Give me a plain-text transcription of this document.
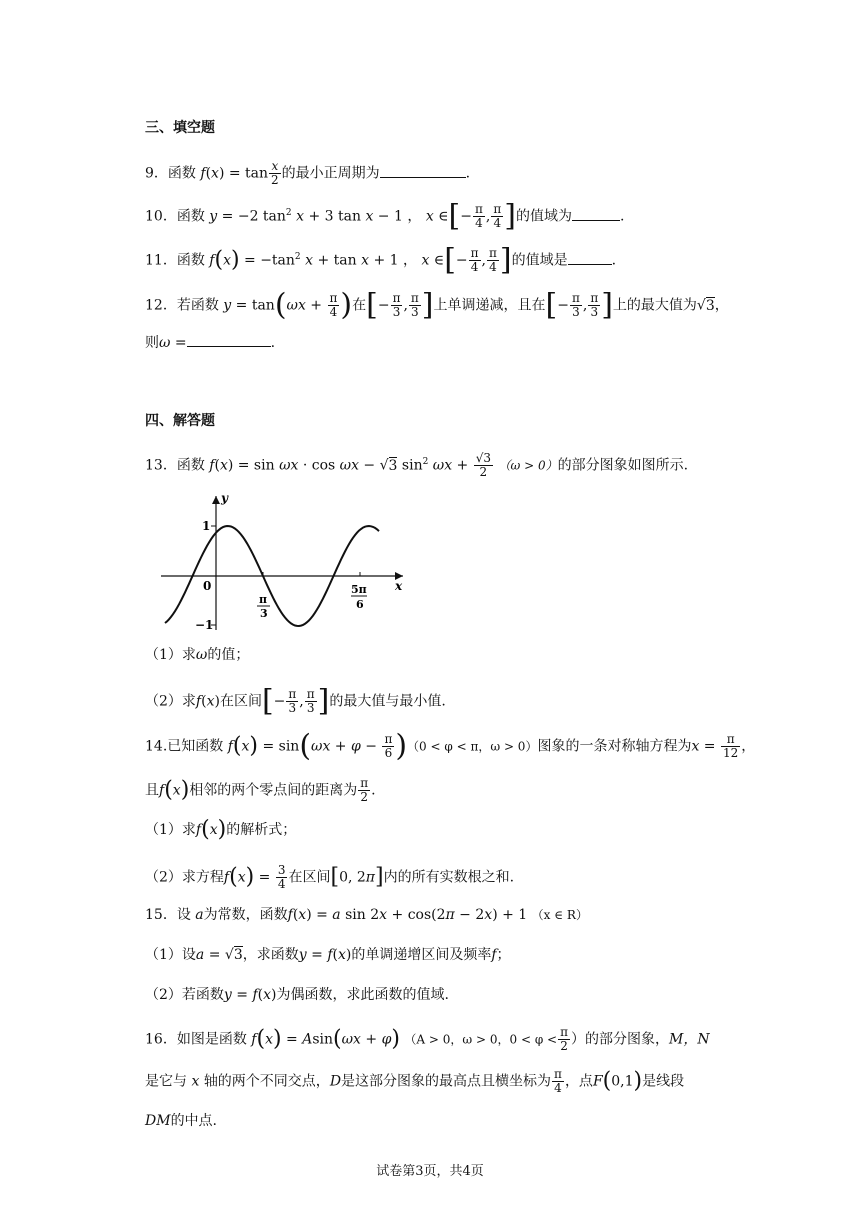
三、填空题
9．函数 $f(x) = \tan \frac{x}{2}$ 的最小正周期为	.
10．函数 y = −2 $\tan^2 x + 3$ tan x − 1 ， x ∈[− $\frac{\pi}{4}$ , $\frac{\pi}{4}$ ]的值域为	.
11．函数 $f(x) = -\tan^2$ x + tan x + 1 ， x ∈[− $\frac{\pi}{4}$ , $\frac{\pi}{4}$ ]的值域是	.
12．若函数 $y = \tan(\omega x + \frac{\pi}{4}$ )在[− $\frac{\pi}{3}$ , $\frac{\pi}{3}$ ]上单调递减，且在[− $\frac{\pi}{3}$ , $\frac{\pi}{3}$ ]上的最大值为√3，
则ω =	.
四、解答题
13．函数 f(x) = sin ωx · cos ωx − √3 $\sin^2 \omega x + \frac{√3}{2} (\omega > 0)$的部分图象如图所示.
y
x
1
0
−1
π
3
5π
6
（1）求ω的值；
（2）求f(x)在区间[− $\frac{\pi}{3}$ , $\frac{\pi}{3}$ ]的最大值与最小值.
14.已知函数 $f(x) = \sin(\omega x + \varphi - \frac{\pi}{6} )(0 < \varphi < \pi$，ω > 0）图象的一条对称轴方程为$x = \frac{\pi}{12}$ ，
且f(x)相邻的两个零点间的距离为 $\frac{\pi}{2}$ .
（1）求f(x)的解析式；
（2）求方程$f(x) = \frac{3}{4}$ 在区间[0, 2π]内的所有实数根之和.
15．设 a为常数，函数f(x) = a sin 2x + cos(2π − 2x) + 1 （x ∈ R）
（1）设a = √3，求函数y = f(x)的单调递增区间及频率f；
（2）若函数y = f(x)为偶函数，求此函数的值域.
16．如图是函数 f(x) = Asin(ωx + φ) （A > 0，ω > 0，$0 < \varphi < \frac{\pi}{2}$ ）的部分图象，M，N
是它与 x 轴的两个不同交点，D是这部分图象的最高点且横坐标为 $\frac{\pi}{4}$ ，点F(0,1)是线段
DM的中点.
试卷第3页，共4页
